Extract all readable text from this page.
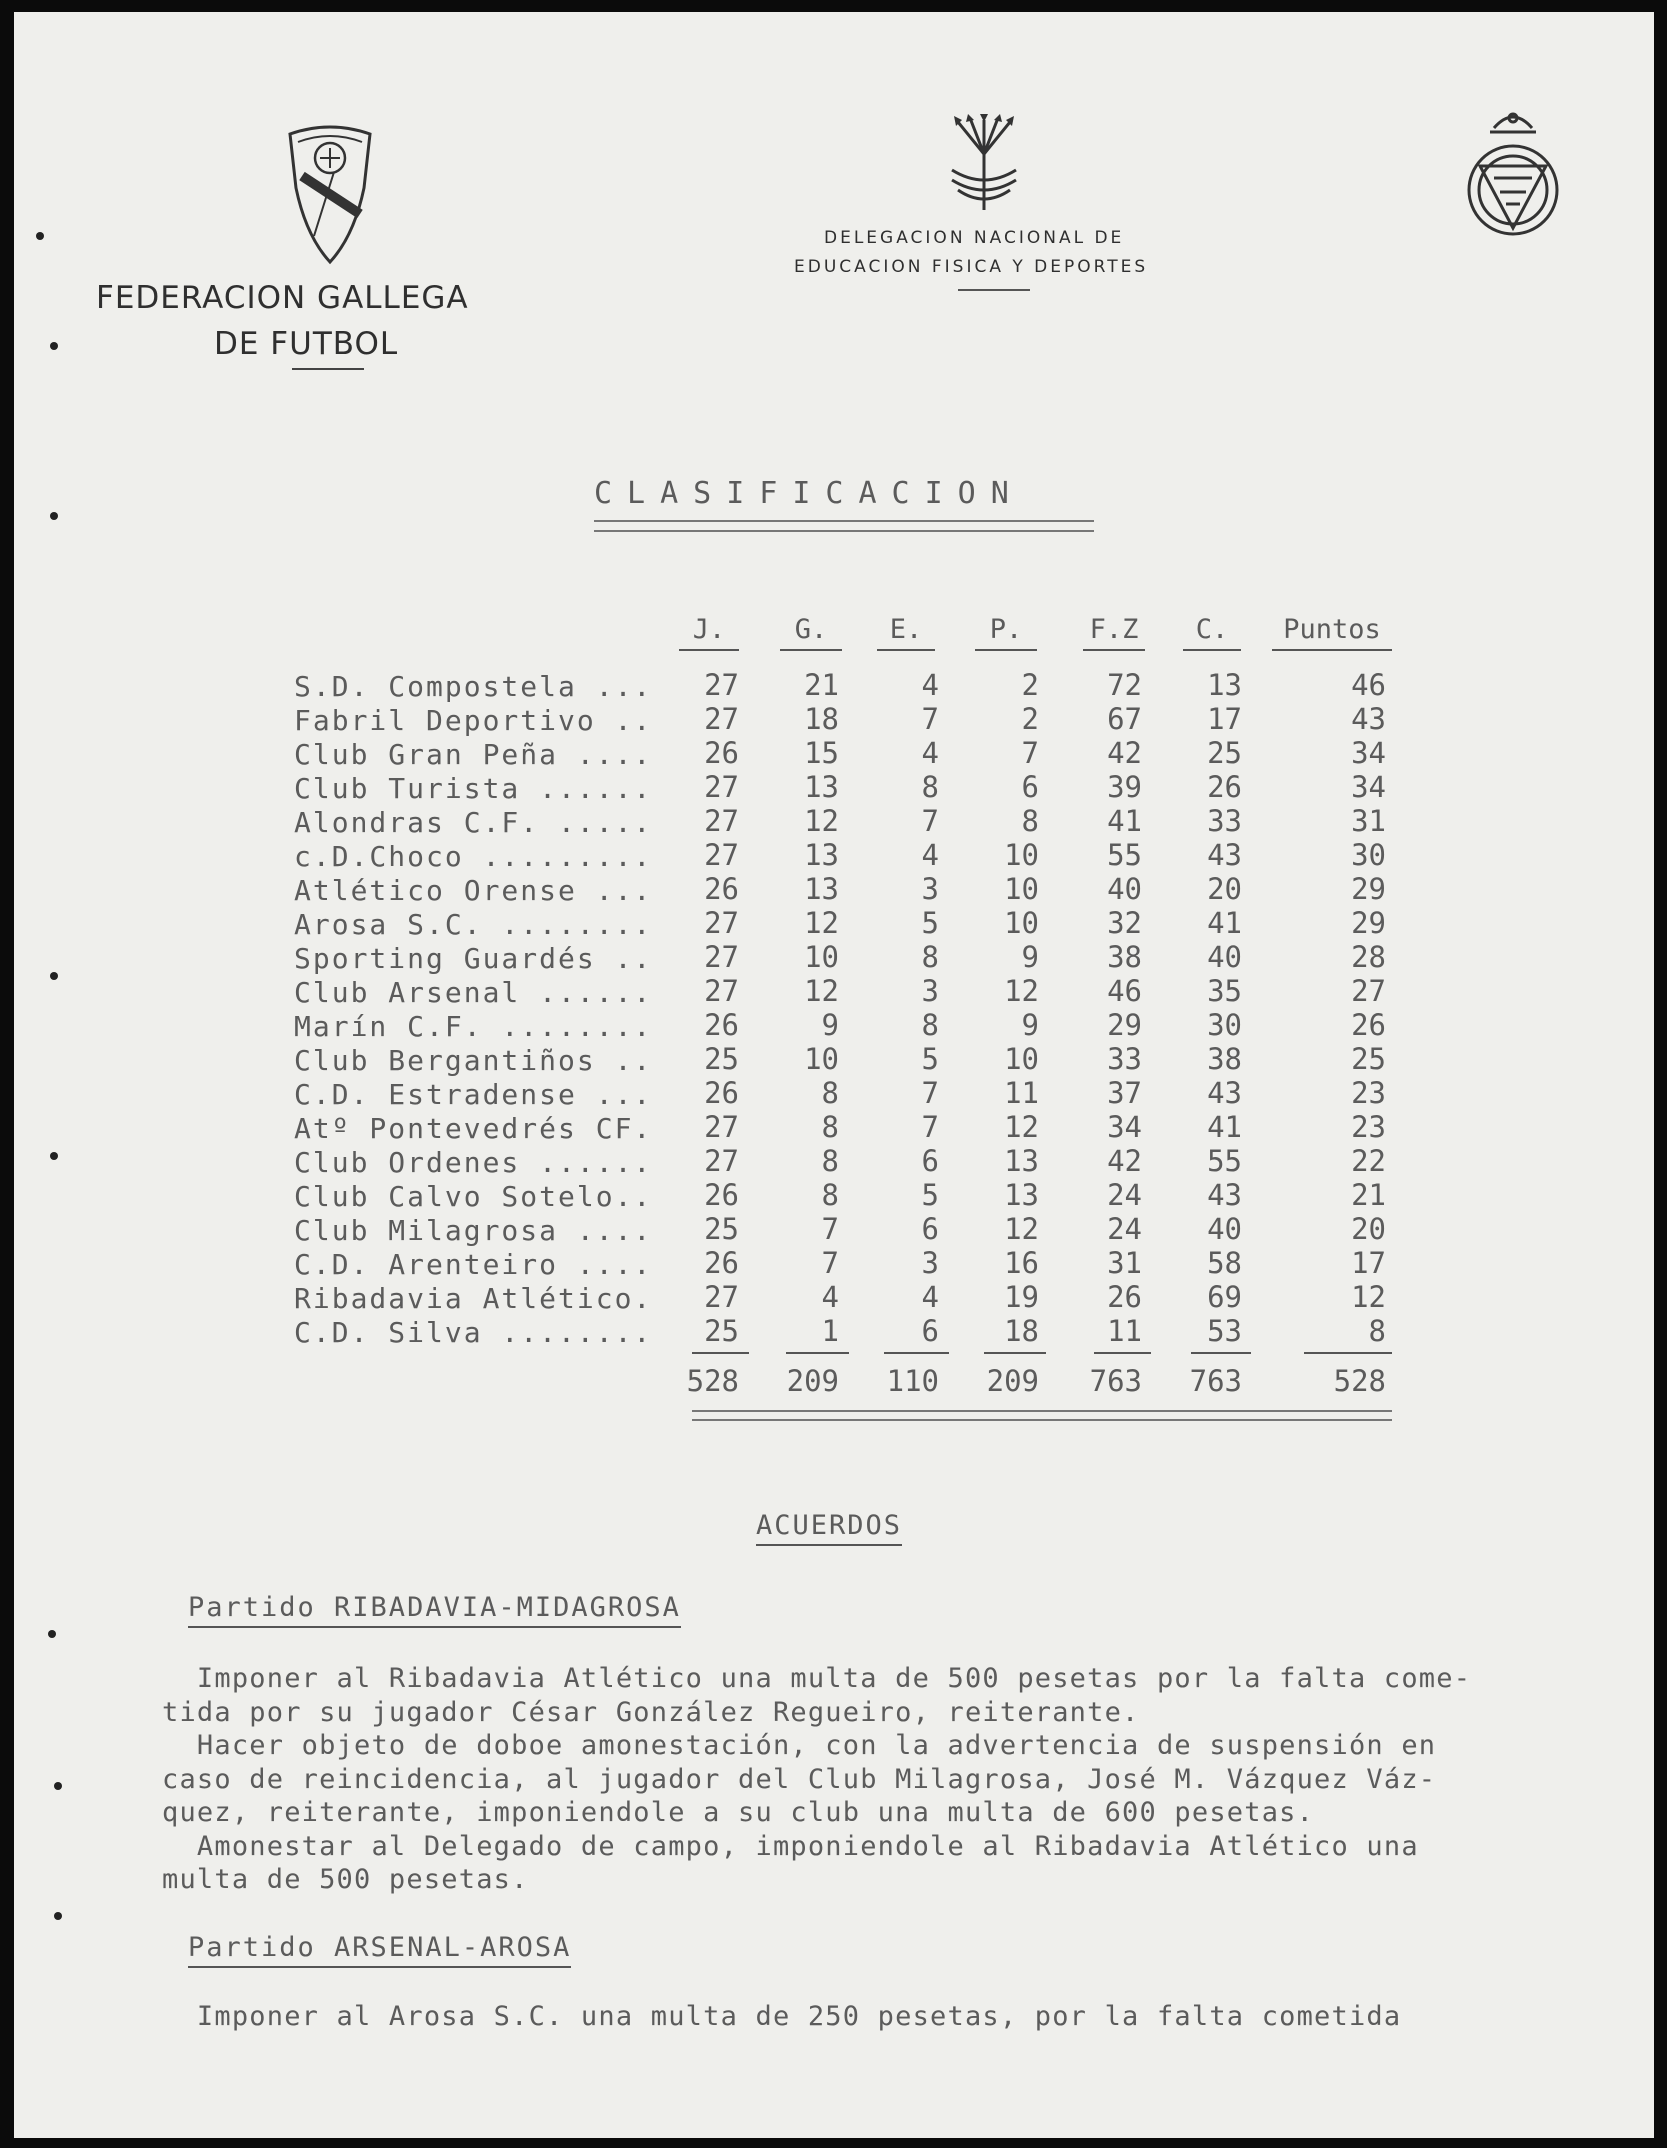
FEDERACION GALLEGA
DE FUTBOL
DELEGACION NACIONAL DE
EDUCACION FISICA Y DEPORTES
CLASIFICACION
J.	G.	E.	P.	F.Z	C.	Puntos
S.D. Compostela ...	27	21	4	2	72	13	46
Fabril Deportivo ..	27	18	7	2	67	17	43
Club Gran Peña ....	26	15	4	7	42	25	34
Club Turista ......	27	13	8	6	39	26	34
Alondras C.F. .....	27	12	7	8	41	33	31
c.D.Choco .........	27	13	4	10	55	43	30
Atlético Orense ...	26	13	3	10	40	20	29
Arosa S.C. ........	27	12	5	10	32	41	29
Sporting Guardés ..	27	10	8	9	38	40	28
Club Arsenal ......	27	12	3	12	46	35	27
Marín C.F. ........	26	9	8	9	29	30	26
Club Bergantiños ..	25	10	5	10	33	38	25
C.D. Estradense ...	26	8	7	11	37	43	23
Atº Pontevedrés CF.	27	8	7	12	34	41	23
Club Ordenes ......	27	8	6	13	42	55	22
Club Calvo Sotelo..	26	8	5	13	24	43	21
Club Milagrosa ....	25	7	6	12	24	40	20
C.D. Arenteiro ....	26	7	3	16	31	58	17
Ribadavia Atlético.	27	4	4	19	26	69	12
C.D. Silva ........	25	1	6	18	11	53	8
528	209	110	209	763	763	528
ACUERDOS
Partido RIBADAVIA-MIDAGROSA
Imponer al Ribadavia Atlético una multa de 500 pesetas por la falta come-
tida por su jugador César González Regueiro, reiterante.
Hacer objeto de doboe amonestación, con la advertencia de suspensión en
caso de reincidencia, al jugador del Club Milagrosa, José M. Vázquez Váz-
quez, reiterante, imponiendole a su club una multa de 600 pesetas.
Amonestar al Delegado de campo, imponiendole al Ribadavia Atlético una
multa de 500 pesetas.
Partido ARSENAL-AROSA
Imponer al Arosa S.C. una multa de 250 pesetas, por la falta cometida
